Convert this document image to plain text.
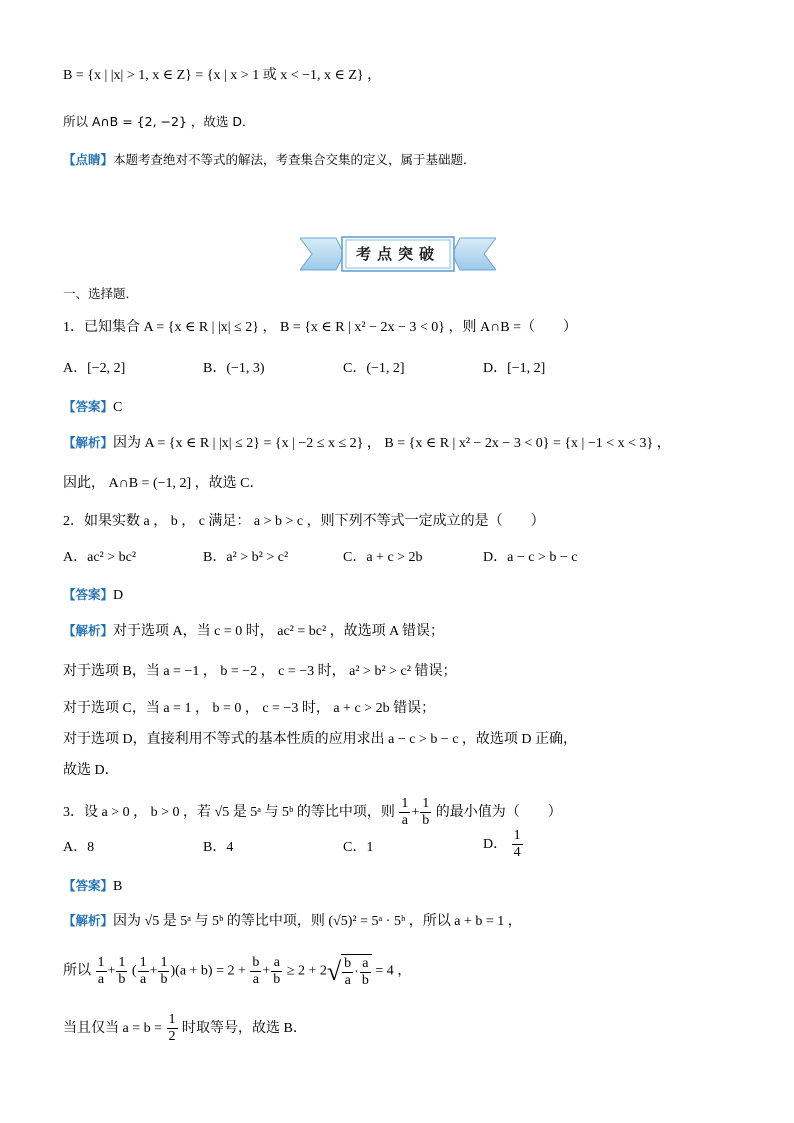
B = {x | |x| > 1, x ∈ Z} = {x | x > 1 或 x < −1, x ∈ Z} ，
所以 A∩B = {2, −2} ，故选 D．
【点睛】本题考查绝对不等式的解法，考查集合交集的定义，属于基础题．
考点突破
一、选择题．
1．已知集合 A = {x ∈ R | |x| ≤ 2} ， B = {x ∈ R | x² − 2x − 3 < 0} ，则 A∩B =（　　）
A．[−2, 2]	B．(−1, 3)	C．(−1, 2]	D．[−1, 2]
【答案】C
【解析】因为 A = {x ∈ R | |x| ≤ 2} = {x | −2 ≤ x ≤ 2} ， B = {x ∈ R | x² − 2x − 3 < 0} = {x | −1 < x < 3} ，
因此， A∩B = (−1, 2] ，故选 C．
2．如果实数 a ， b ， c 满足： a > b > c ，则下列不等式一定成立的是（　　）
A．ac² > bc²	B．a² > b² > c²	C．a + c > 2b	D．a − c > b − c
【答案】D
【解析】对于选项 A，当 c = 0 时， ac² = bc² ，故选项 A 错误；
对于选项 B，当 a = −1 ， b = −2 ， c = −3 时， a² > b² > c² 错误；
对于选项 C，当 a = 1 ， b = 0 ， c = −3 时， a + c > 2b 错误；
对于选项 D，直接利用不等式的基本性质的应用求出 a − c > b − c ，故选项 D 正确，
故选 D．
3．设 a > 0 ， b > 0 ，若 √5 是 5ᵃ 与 5ᵇ 的等比中项，则 $\frac{1}{a} + \frac{1}{b}$ 的最小值为（　　）
A．8	B．4	C．1	D． $\frac{1}{4}$
【答案】B
【解析】因为 √5 是 5ᵃ 与 5ᵇ 的等比中项，则 (√5)² = 5ᵃ · 5ᵇ ，所以 a + b = 1 ，
所以 $\frac{1}{a} + \frac{1}{b}$ ( $\frac{1}{a} + \frac{1}{b} )(a + b) = 2 + \frac{b}{a} + \frac{a}{b} \ge 2 + 2√ \frac{b}{a} \cdot \frac{a}{b} = 4$ ，
当且仅当 $a = b = \frac{1}{2}$ 时取等号，故选 B．
